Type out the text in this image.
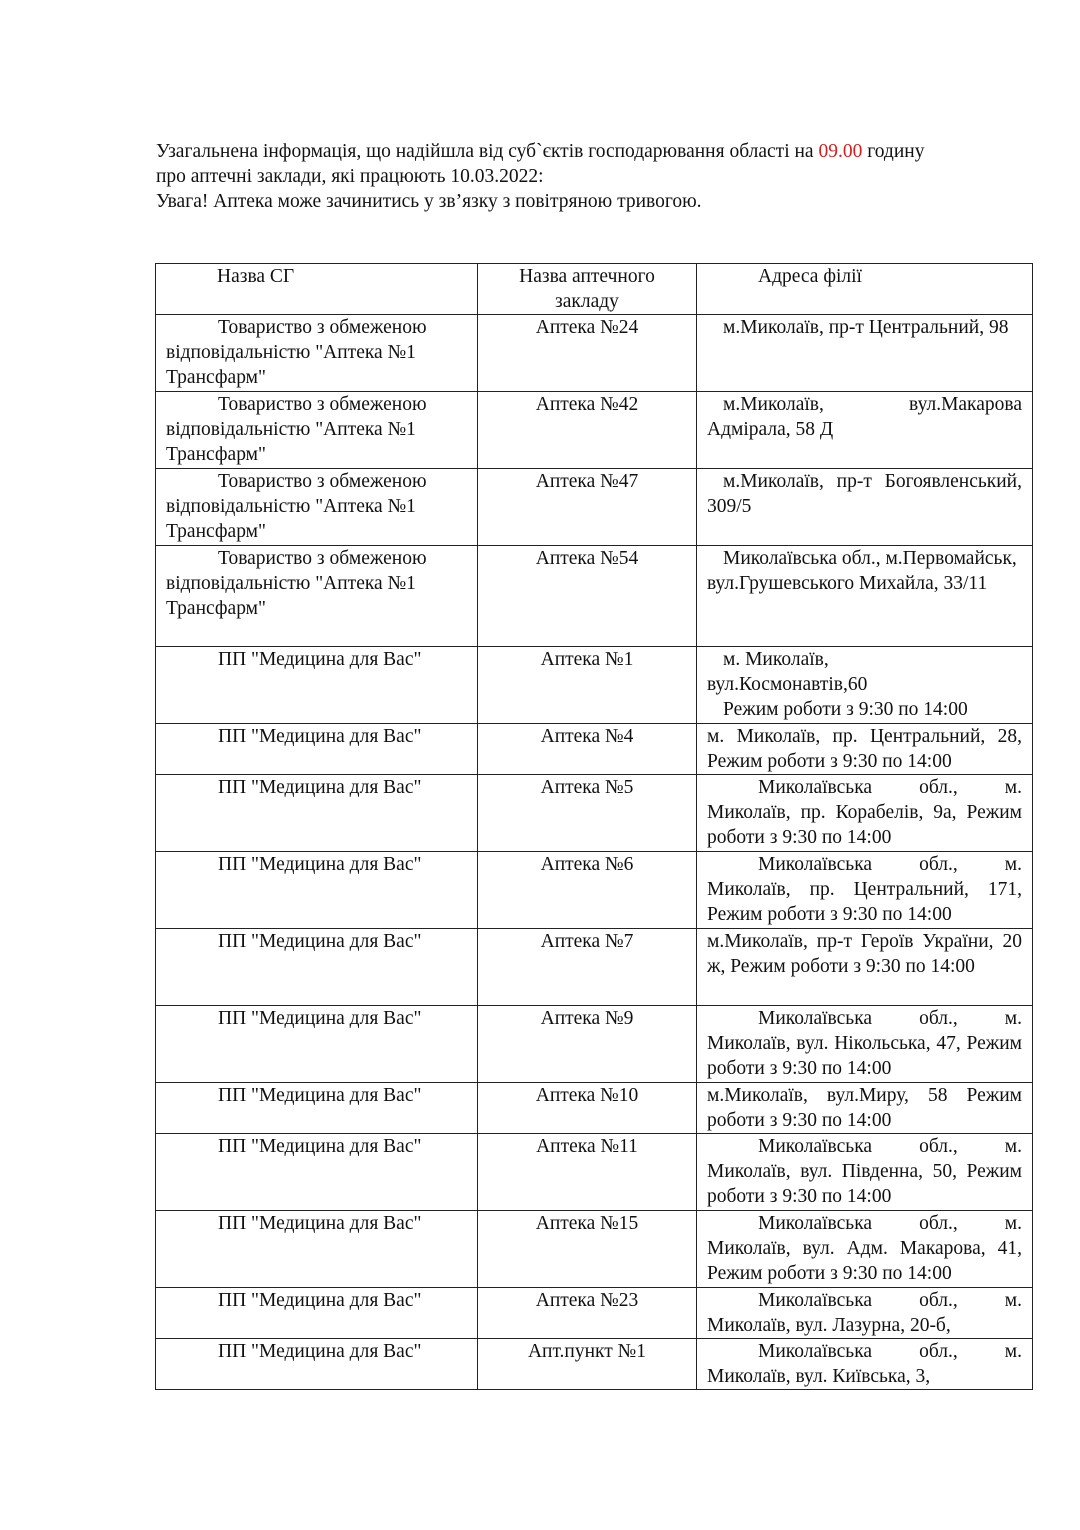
Узагальнена інформація, що надійшла від суб`єктів господарювання області на 09.00 годину

про аптечні заклади, які працюють 10.03.2022:

Увага! Аптека може зачинитись у зв’язку з повітряною тривогою.

Назва СГ	Назва аптечного закладу	Адреса філії
Товариство з обмеженою відповідальністю "Аптека №1 Трансфарм"	Аптека №24	м.Миколаїв, пр-т Центральний, 98
Товариство з обмеженою відповідальністю "Аптека №1 Трансфарм"	Аптека №42	м.Миколаїв, вул.Макарова Адмірала, 58 Д
Товариство з обмеженою відповідальністю "Аптека №1 Трансфарм"	Аптека №47	м.Миколаїв, пр-т Богоявленський, 309/5
Товариство з обмеженою відповідальністю "Аптека №1 Трансфарм"	Аптека №54	Миколаївська обл., м.Первомайськ, вул.Грушевського Михайла, 33/11
ПП "Медицина для Вас"	Аптека №1	м. Миколаїв,
вул.Космонавтів,60
Режим роботи з 9:30 по 14:00

ПП "Медицина для Вас"	Аптека №4	м. Миколаїв, пр. Центральний, 28, Режим роботи з 9:30 по 14:00
ПП "Медицина для Вас"	Аптека №5	Миколаївська обл., м. Миколаїв, пр. Корабелів, 9а, Режим роботи з 9:30 по 14:00
ПП "Медицина для Вас"	Аптека №6	Миколаївська обл., м. Миколаїв, пр. Центральний, 171, Режим роботи з 9:30 по 14:00
ПП "Медицина для Вас"	Аптека №7	м.Миколаїв, пр-т Героїв України, 20 ж, Режим роботи з 9:30 по 14:00
ПП "Медицина для Вас"	Аптека №9	Миколаївська обл., м. Миколаїв, вул. Нікольська, 47, Режим роботи з 9:30 по 14:00
ПП "Медицина для Вас"	Аптека №10	м.Миколаїв, вул.Миру, 58 Режим роботи з 9:30 по 14:00
ПП "Медицина для Вас"	Аптека №11	Миколаївська обл., м. Миколаїв, вул. Південна, 50, Режим роботи з 9:30 по 14:00
ПП "Медицина для Вас"	Аптека №15	Миколаївська обл., м. Миколаїв, вул. Адм. Макарова, 41, Режим роботи з 9:30 по 14:00
ПП "Медицина для Вас"	Аптека №23	Миколаївська обл., м. Миколаїв, вул. Лазурна, 20-б,
ПП "Медицина для Вас"	Апт.пункт №1	Миколаївська обл., м. Миколаїв, вул. Київська, 3,
